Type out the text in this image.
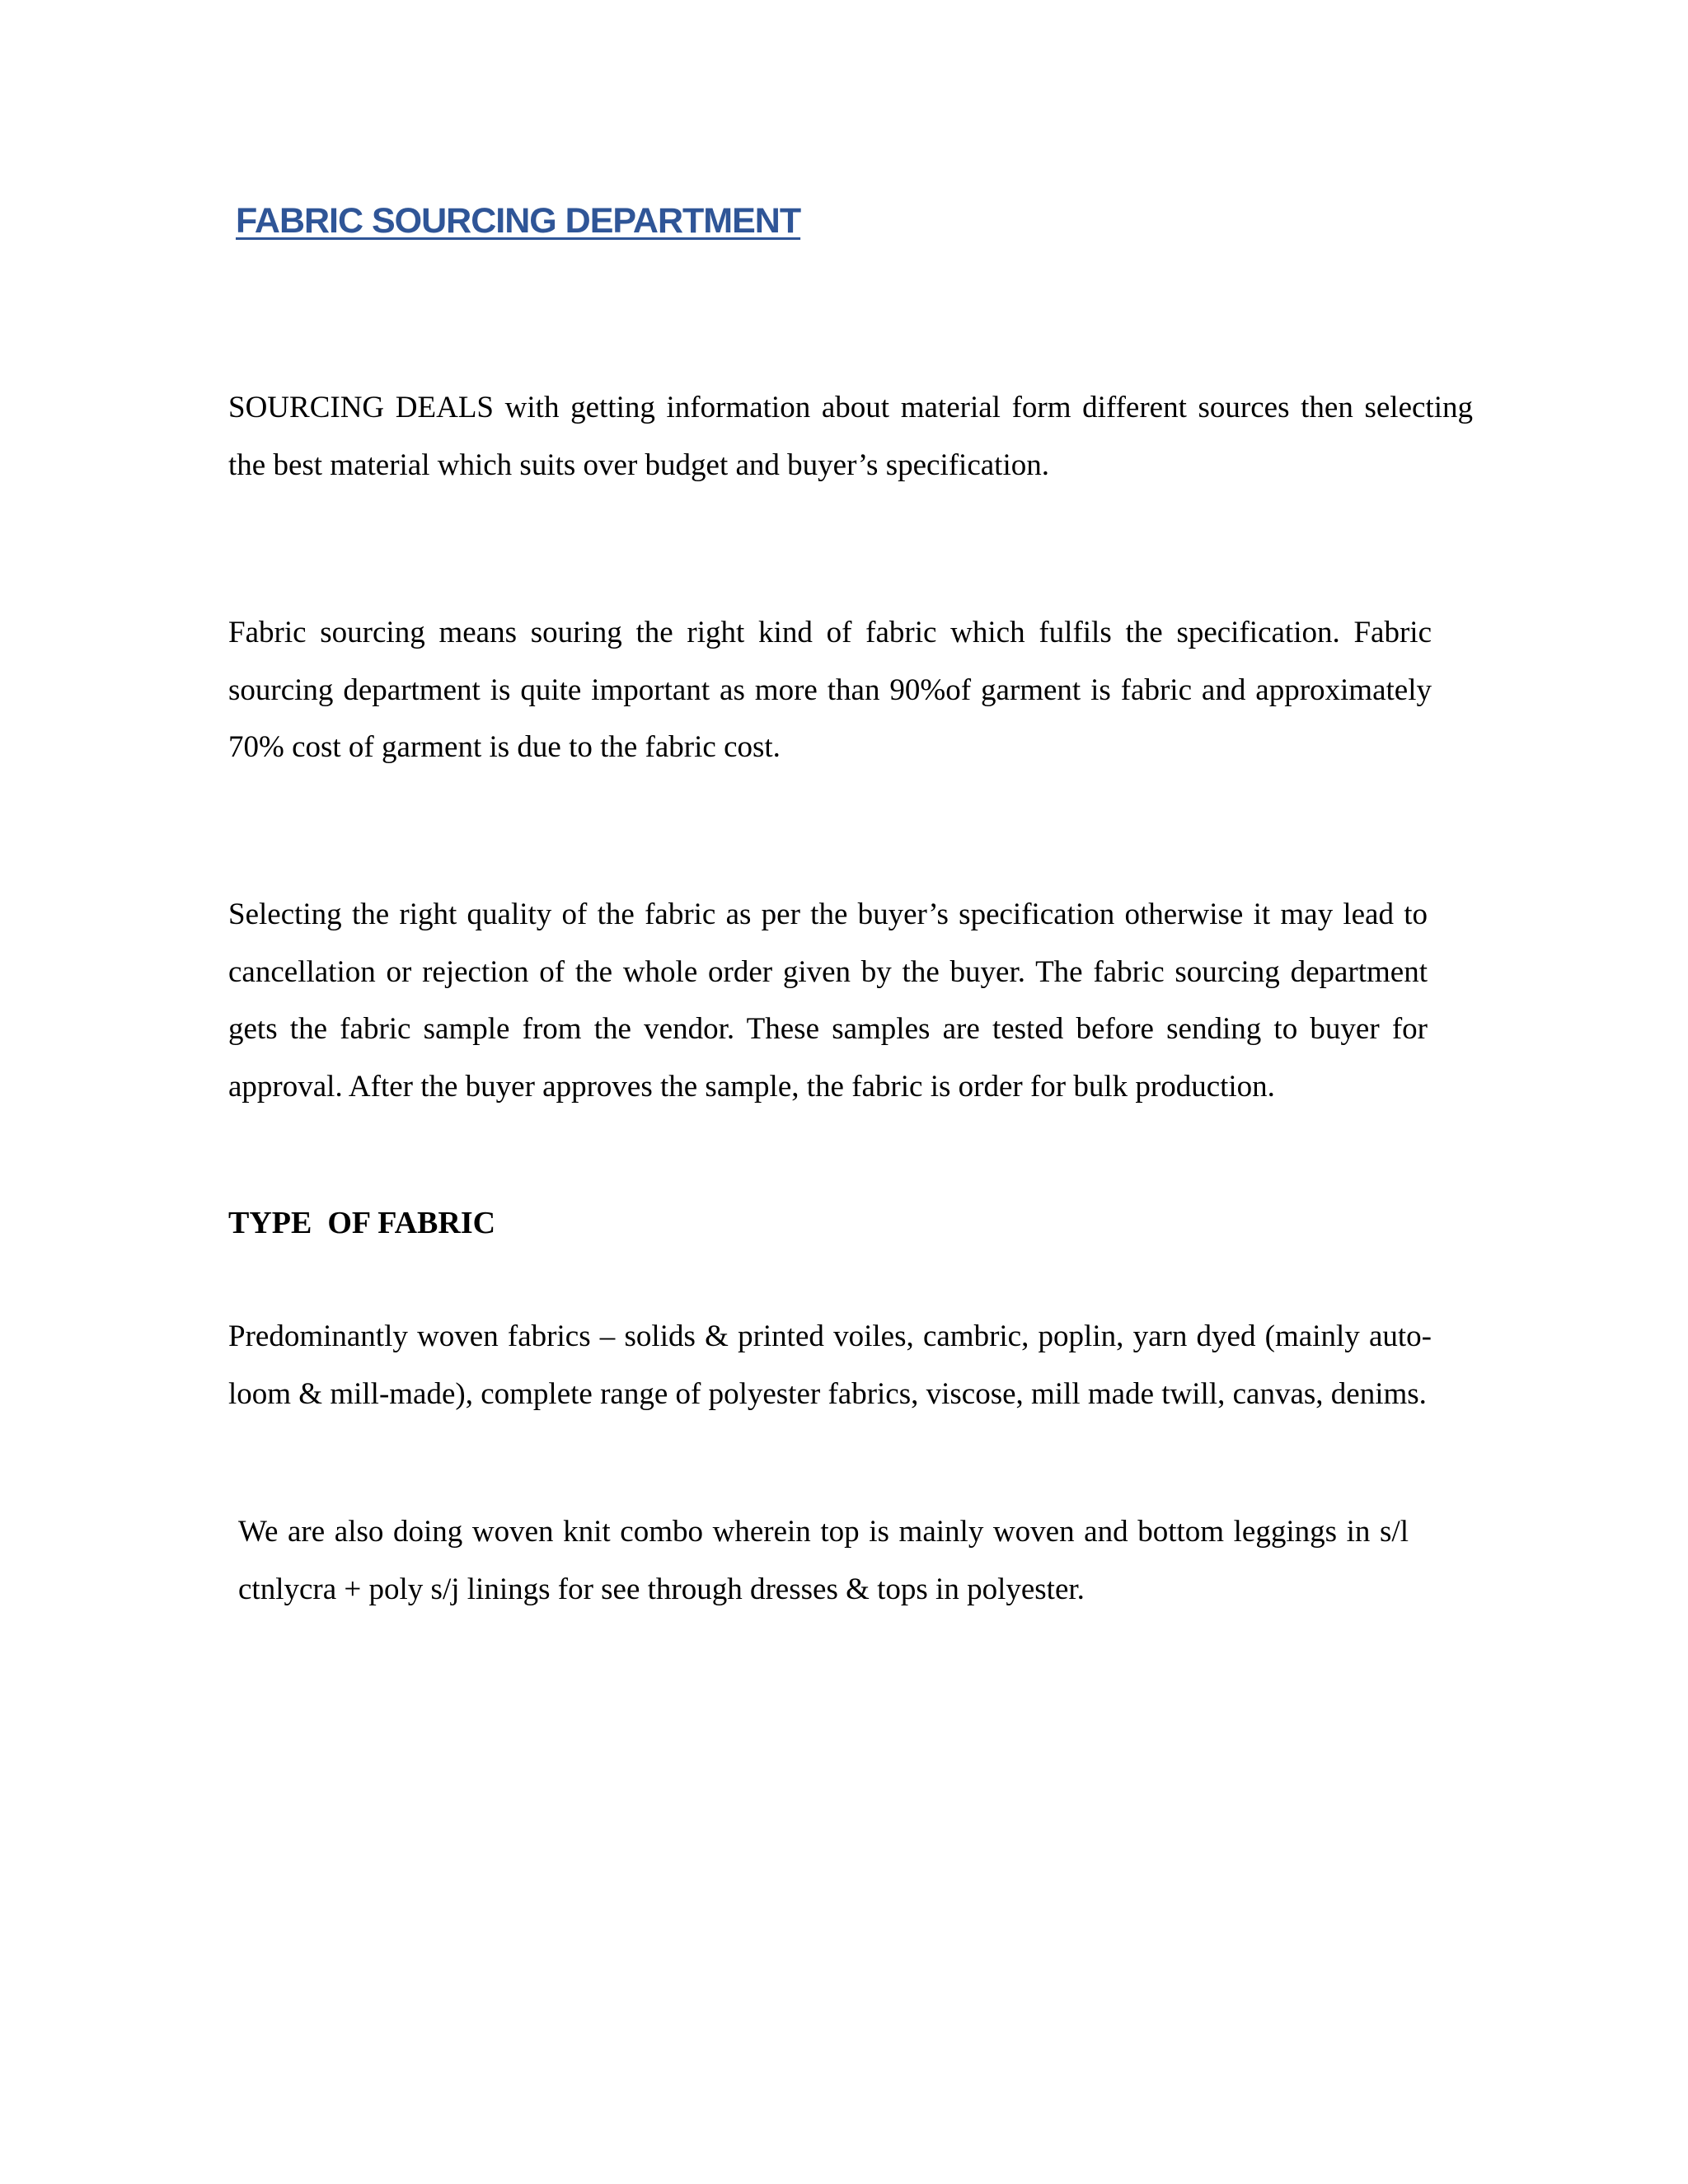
FABRIC SOURCING DEPARTMENT

SOURCING DEALS with getting information about material form different sources then selecting the best material which suits over budget and buyer’s specification.

Fabric sourcing means souring the right kind of fabric which fulfils the specification. Fabric sourcing department is quite important as more than 90%of garment is fabric and approximately 70% cost of garment is due to the fabric cost.

Selecting the right quality of the fabric as per the buyer’s specification otherwise it may lead to cancellation or rejection of the whole order given by the buyer. The fabric sourcing department gets the fabric sample from the vendor. These samples are tested before sending to buyer for approval. After the buyer approves the sample, the fabric is order for bulk production.

TYPE  OF FABRIC

Predominantly woven fabrics – solids & printed voiles, cambric, poplin, yarn dyed (mainly auto-loom & mill-made), complete range of polyester fabrics, viscose, mill made twill, canvas, denims.

We are also doing woven knit combo wherein top is mainly woven and bottom leggings in s/l ctnlycra + poly s/j linings for see through dresses & tops in polyester.
